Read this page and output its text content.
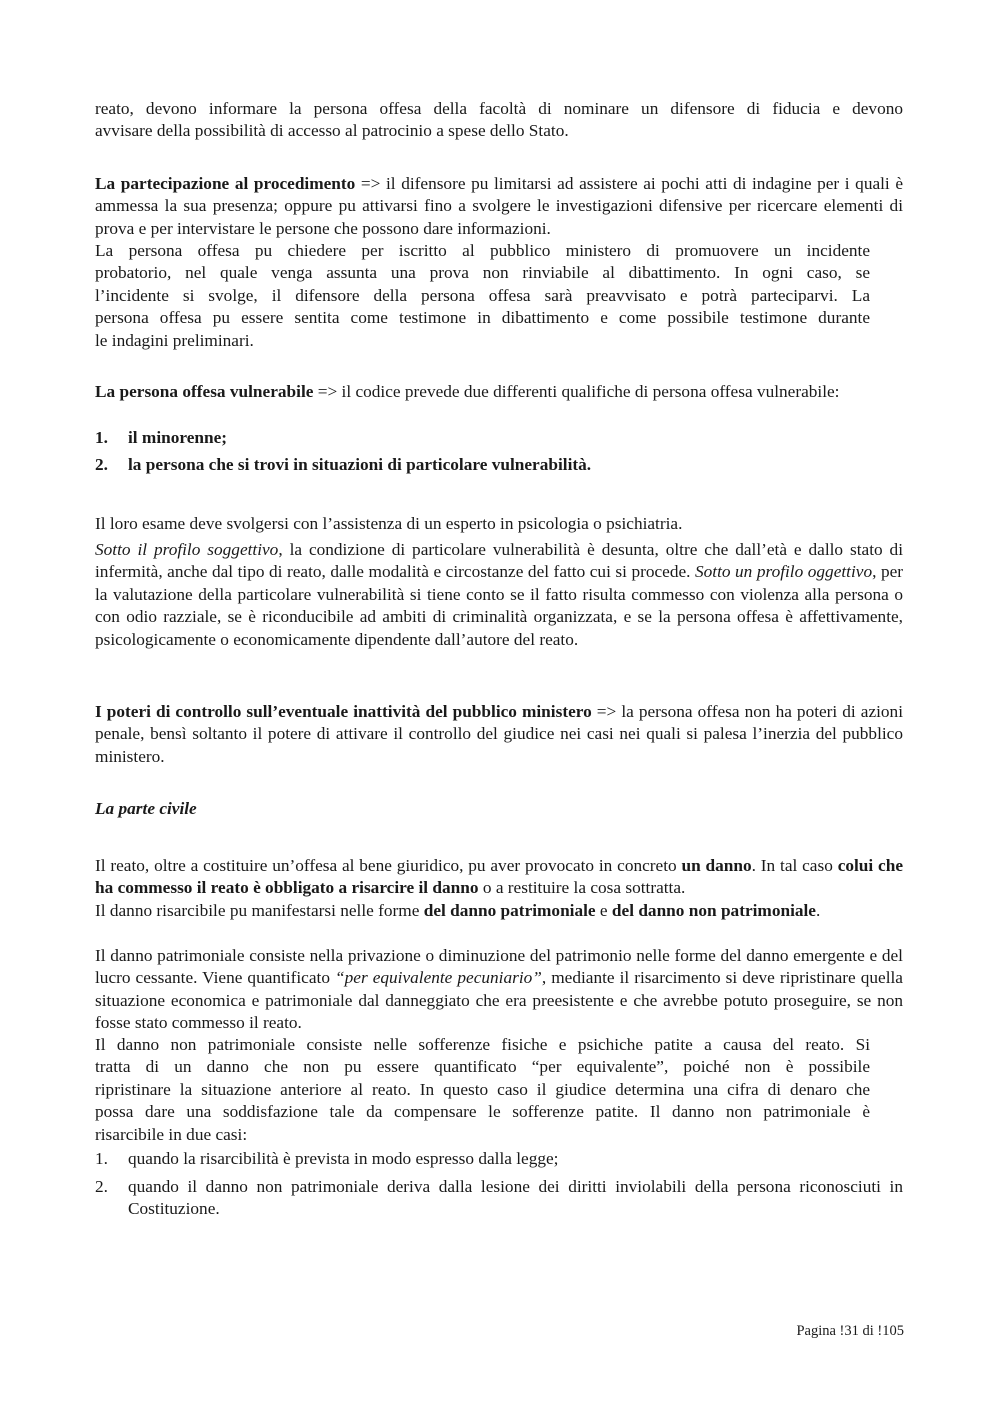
reato, devono informare la persona offesa della facoltà di nominare un difensore di fiducia e devono
avvisare della possibilità di accesso al patrocinio a spese dello Stato.

La partecipazione al procedimento => il difensore pu limitarsi ad assistere ai pochi atti di indagine per i quali è ammessa la sua presenza; oppure pu attivarsi fino a svolgere le investigazioni difensive per ricercare elementi di prova e per intervistare le persone che possono dare informazioni.

La persona offesa pu chiedere per iscritto al pubblico ministero di promuovere un incidente
probatorio, nel quale venga assunta una prova non rinviabile al dibattimento. In ogni caso, se
l’incidente si svolge, il difensore della persona offesa sarà preavvisato e potrà parteciparvi. La
persona offesa pu essere sentita come testimone in dibattimento e come possibile testimone durante
le indagini preliminari.

La persona offesa vulnerabile => il codice prevede due differenti qualifiche di persona offesa vulnerabile:

1. il minorenne;
2. la persona che si trovi in situazioni di particolare vulnerabilità.

Il loro esame deve svolgersi con l’assistenza di un esperto in psicologia o psichiatria.

Sotto il profilo soggettivo, la condizione di particolare vulnerabilità è desunta, oltre che dall’età e dallo stato di infermità, anche dal tipo di reato, dalle modalità e circostanze del fatto cui si procede. Sotto un profilo oggettivo, per la valutazione della particolare vulnerabilità si tiene conto se il fatto risulta commesso con violenza alla persona o con odio razziale, se è riconducibile ad ambiti di criminalità organizzata, e se la persona offesa è affettivamente, psicologicamente o economicamente dipendente dall’autore del reato.

I poteri di controllo sull’eventuale inattività del pubblico ministero => la persona offesa non ha poteri di azioni penale, bensì soltanto il potere di attivare il controllo del giudice nei casi nei quali si palesa l’inerzia del pubblico ministero.

La parte civile

Il reato, oltre a costituire un’offesa al bene giuridico, pu aver provocato in concreto un danno. In tal caso colui che ha commesso il reato è obbligato a risarcire il danno o a restituire la cosa sottratta.

Il danno risarcibile pu manifestarsi nelle forme del danno patrimoniale e del danno non patrimoniale.

Il danno patrimoniale consiste nella privazione o diminuzione del patrimonio nelle forme del danno emergente e del lucro cessante. Viene quantificato “per equivalente pecuniario”, mediante il risarcimento si deve ripristinare quella situazione economica e patrimoniale dal danneggiato che era preesistente e che avrebbe potuto proseguire, se non fosse stato commesso il reato.

Il danno non patrimoniale consiste nelle sofferenze fisiche e psichiche patite a causa del reato. Si
tratta di un danno che non pu essere quantificato “per equivalente”, poiché non è possibile
ripristinare la situazione anteriore al reato. In questo caso il giudice determina una cifra di denaro che
possa dare una soddisfazione tale da compensare le sofferenze patite. Il danno non patrimoniale è
risarcibile in due casi:

1. quando la risarcibilità è prevista in modo espresso dalla legge;
2. quando il danno non patrimoniale deriva dalla lesione dei diritti inviolabili della persona riconosciuti in Costituzione.
Pagina !31 di !105
